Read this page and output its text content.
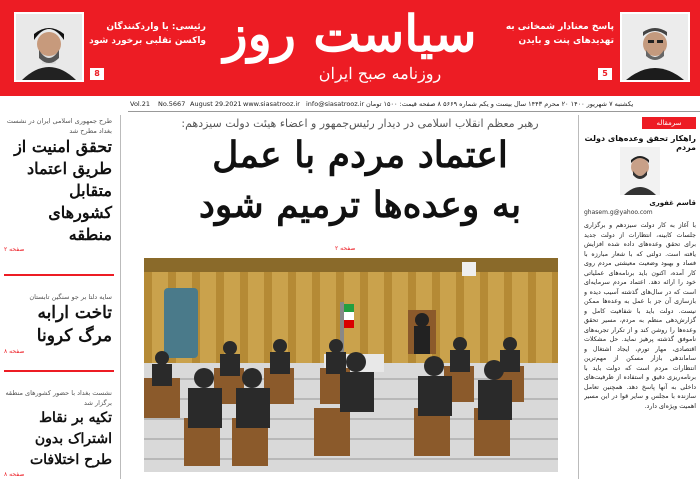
رئیسی: با واردکنندگان واکسن تقلبی برخورد شود
8
سیاست روز
روزنامه صبح ایران
پاسخ معنادار شمخانی به تهدیدهای پنت و بایدن
5
Vol.21 No.5667 August 29.2021 www.siasatrooz.ir info@siasatrooz.ir یکشنبه ۷ شهریور ۱۴۰۰ ۲۰ محرم ۱۴۴۳ سال بیست و یکم شماره ۵۶۶۹ ۸ صفحه قیمت: ۱۵۰۰ تومان
طرح جمهوری اسلامی ایران در نشست بغداد مطرح شد
تحقق امنیت از طریق اعتماد متقابل کشورهای منطقه
صفحه ۲
سایه دلتا بر جو سنگین تابستان
تاخت ارابه مرگ کرونا
صفحه ۸
نشست بغداد با حضور کشورهای منطقه برگزار شد
تکیه بر نقاط اشتراک بدون طرح اختلافات
صفحه ۸
رهبر معظم انقلاب اسلامی در دیدار رئیس‌جمهور و اعضاء هیئت دولت سیزدهم:
اعتماد مردم با عمل
به وعده‌ها ترمیم شود
صفحه ۲
سرمقاله
راهکار تحقق وعده‌های دولت مردم
قاسم غفوری
ghasem.g@yahoo.com
با آغاز به کار دولت سیزدهم و برگزاری جلسات کابینه، انتظارات از دولت جدید برای تحقق وعده‌های داده شده افزایش یافته است. دولتی که با شعار مبارزه با فساد و بهبود وضعیت معیشتی مردم روی کار آمده، اکنون باید برنامه‌های عملیاتی خود را ارائه دهد. اعتماد مردم سرمایه‌ای است که در سال‌های گذشته آسیب دیده و بازسازی آن جز با عمل به وعده‌ها ممکن نیست. دولت باید با شفافیت کامل و گزارش‌دهی منظم به مردم، مسیر تحقق وعده‌ها را روشن کند و از تکرار تجربه‌های ناموفق گذشته پرهیز نماید. حل مشکلات اقتصادی، مهار تورم، ایجاد اشتغال و ساماندهی بازار مسکن از مهم‌ترین انتظارات مردم است که دولت باید با برنامه‌ریزی دقیق و استفاده از ظرفیت‌های داخلی به آنها پاسخ دهد. همچنین تعامل سازنده با مجلس و سایر قوا در این مسیر اهمیت ویژه‌ای دارد.
